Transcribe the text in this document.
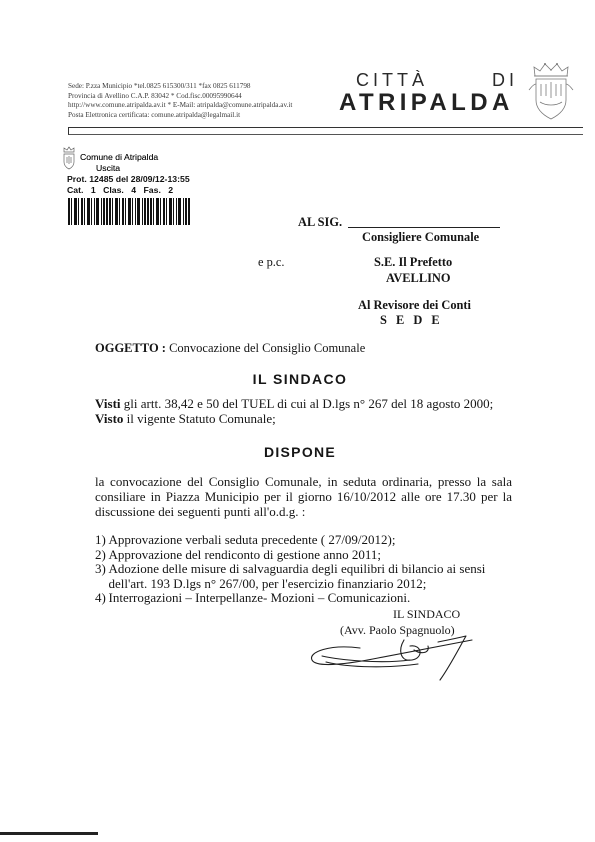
Sede: P.zza Municipio *tel.0825 615300/311 *fax 0825 611798
Provincia di Avellino C.A.P. 83042 * Cod.fisc.00095990644
http://www.comune.atripalda.av.it * E-Mail: atripalda@comune.atripalda.av.it
Posta Elettronica certificata: comune.atripalda@legalmail.it
CITTÀ DI
ATRIPALDA
Comune di Atripalda
Uscita
Prot. 12485 del 28/09/12-13:55
Cat. 1 Clas. 4 Fas. 2
AL SIG.
Consigliere Comunale
e p.c.	S.E. Il Prefetto
AVELLINO
Al Revisore dei Conti
S E D E
OGGETTO : Convocazione del Consiglio Comunale
IL SINDACO
Visti gli artt. 38,42 e 50 del TUEL di cui al D.lgs n° 267 del 18 agosto 2000;
Visto il vigente Statuto Comunale;
DISPONE
la convocazione del Consiglio Comunale, in seduta ordinaria, presso la sala
consiliare in Piazza Municipio per il giorno 16/10/2012 alle ore 17.30 per la
discussione dei seguenti punti all'o.d.g. :
1) Approvazione verbali seduta precedente ( 27/09/2012);
2) Approvazione del rendiconto di gestione anno 2011;
3) Adozione delle misure di salvaguardia degli equilibri di bilancio ai sensi
dell'art. 193 D.lgs n° 267/00, per l'esercizio finanziario 2012;
4) Interrogazioni – Interpellanze- Mozioni – Comunicazioni.
IL SINDACO
(Avv. Paolo Spagnuolo)
